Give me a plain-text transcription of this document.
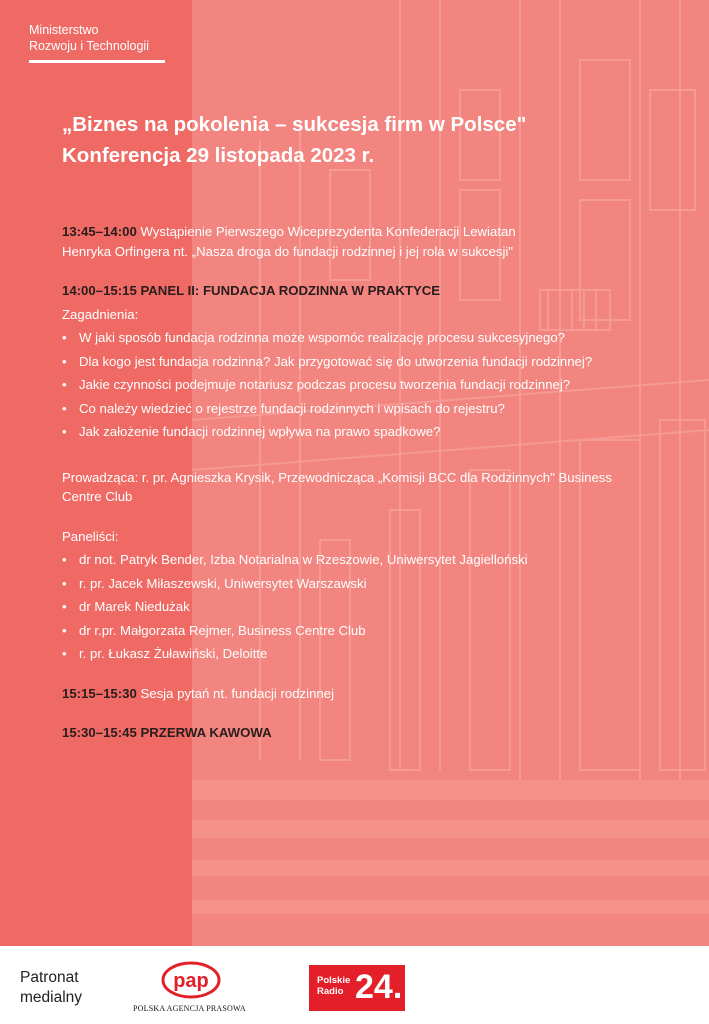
Ministerstwo
Rozwoju i Technologii
„Biznes na pokolenia – sukcesja firm w Polsce"
Konferencja 29 listopada 2023 r.
13:45–14:00 Wystąpienie Pierwszego Wiceprezydenta Konfederacji Lewiatan
Henryka Orfingera nt. „Nasza droga do fundacji rodzinnej i jej rola w sukcesji"
14:00–15:15 PANEL II: FUNDACJA RODZINNA W PRAKTYCE
Zagadnienia:
• W jaki sposób fundacja rodzinna może wspomóc realizację procesu sukcesyjnego?
• Dla kogo jest fundacja rodzinna? Jak przygotować się do utworzenia fundacji rodzinnej?
• Jakie czynności podejmuje notariusz podczas procesu tworzenia fundacji rodzinnej?
• Co należy wiedzieć o rejestrze fundacji rodzinnych i wpisach do rejestru?
• Jak założenie fundacji rodzinnej wpływa na prawo spadkowe?
Prowadząca: r. pr. Agnieszka Krysik, Przewodnicząca „Komisji BCC dla Rodzinnych" Business
Centre Club
Paneliści:
• dr not. Patryk Bender, Izba Notarialna w Rzeszowie, Uniwersytet Jagielloński
• r. pr. Jacek Miłaszewski, Uniwersytet Warszawski
• dr Marek Niedużak
• dr r.pr. Małgorzata Rejmer, Business Centre Club
• r. pr. Łukasz Żuławiński, Deloitte
15:15–15:30 Sesja pytań nt. fundacji rodzinnej
15:30–15:45 PRZERWA KAWOWA
Patronat
medialny
pap
POLSKA AGENCJA PRASOWA
Polskie
Radio 24.
